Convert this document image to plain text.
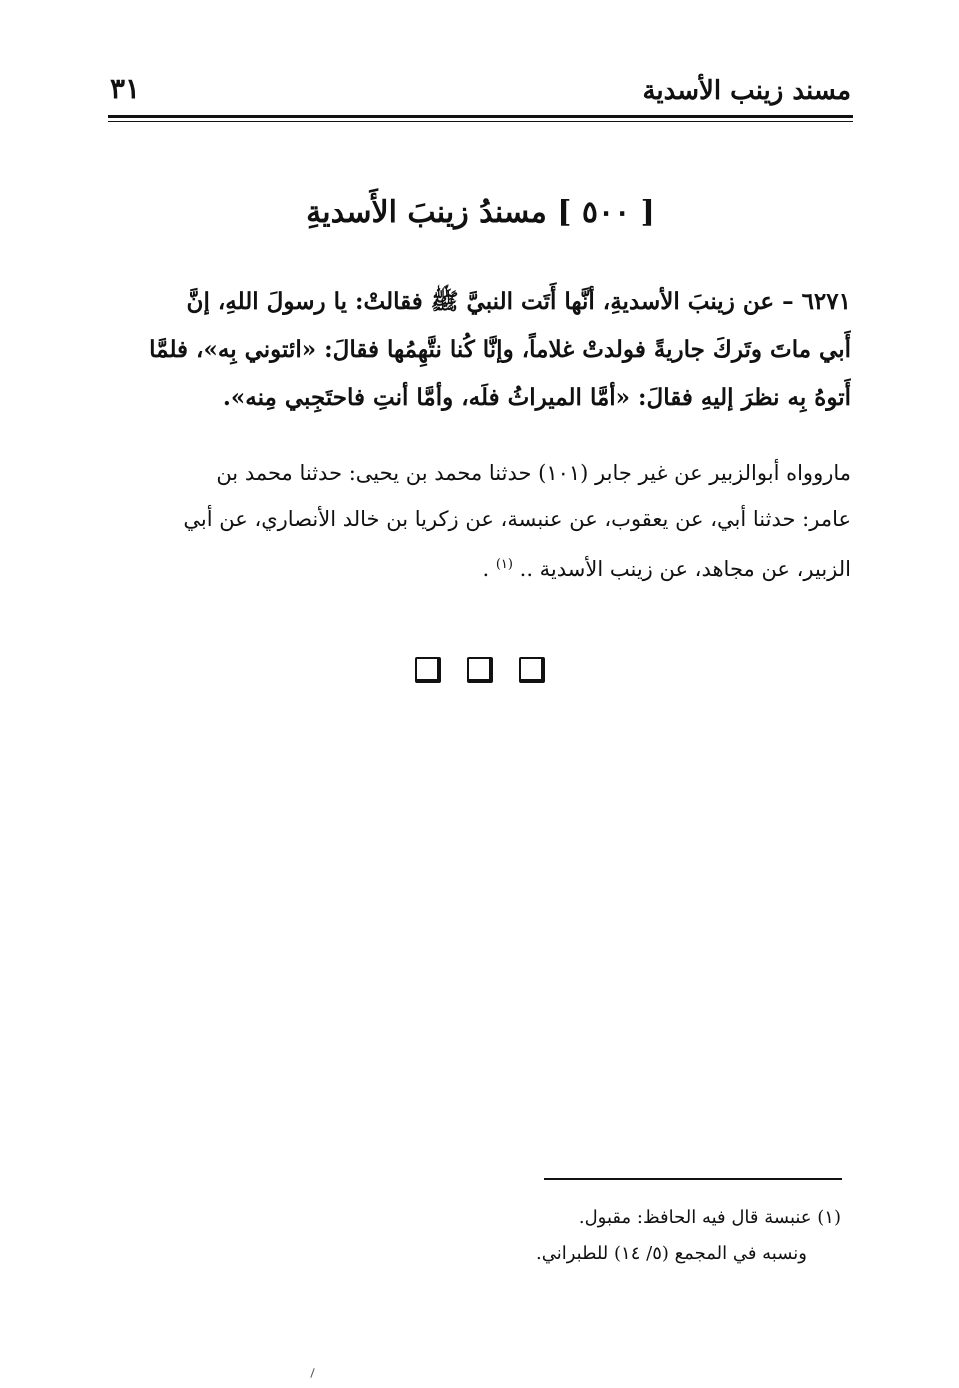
مسند زينب الأسدية
٣١
[ ٥٠٠ ] مسندُ زينبَ الأَسديةِ
٦٢٧١ – عن زينبَ الأسديةِ، أنَّها أَتَت النبيَّ ﷺ فقالتْ: يا رسولَ اللهِ، إنَّ
أَبي ماتَ وتَركَ جاريةً فولدتْ غلاماً، وإنَّا كُنا نتَّهِمُها فقالَ: «ائتوني بِه»، فلمَّا
أَتوهُ بِه نظرَ إليهِ فقالَ: «أمَّا الميراثُ فلَه، وأمَّا أنتِ فاحتَجِبي مِنه».
ماروواه أبوالزبير عن غير جابر (١٠١) حدثنا محمد بن يحيى: حدثنا محمد بن
عامر: حدثنا أبي، عن يعقوب، عن عنبسة، عن زكريا بن خالد الأنصاري، عن أبي
الزبير، عن مجاهد، عن زينب الأسدية .. $^{(١)}$ .
(١) عنبسة قال فيه الحافظ: مقبول.
ونسبه في المجمع (٥/ ١٤) للطبراني.
